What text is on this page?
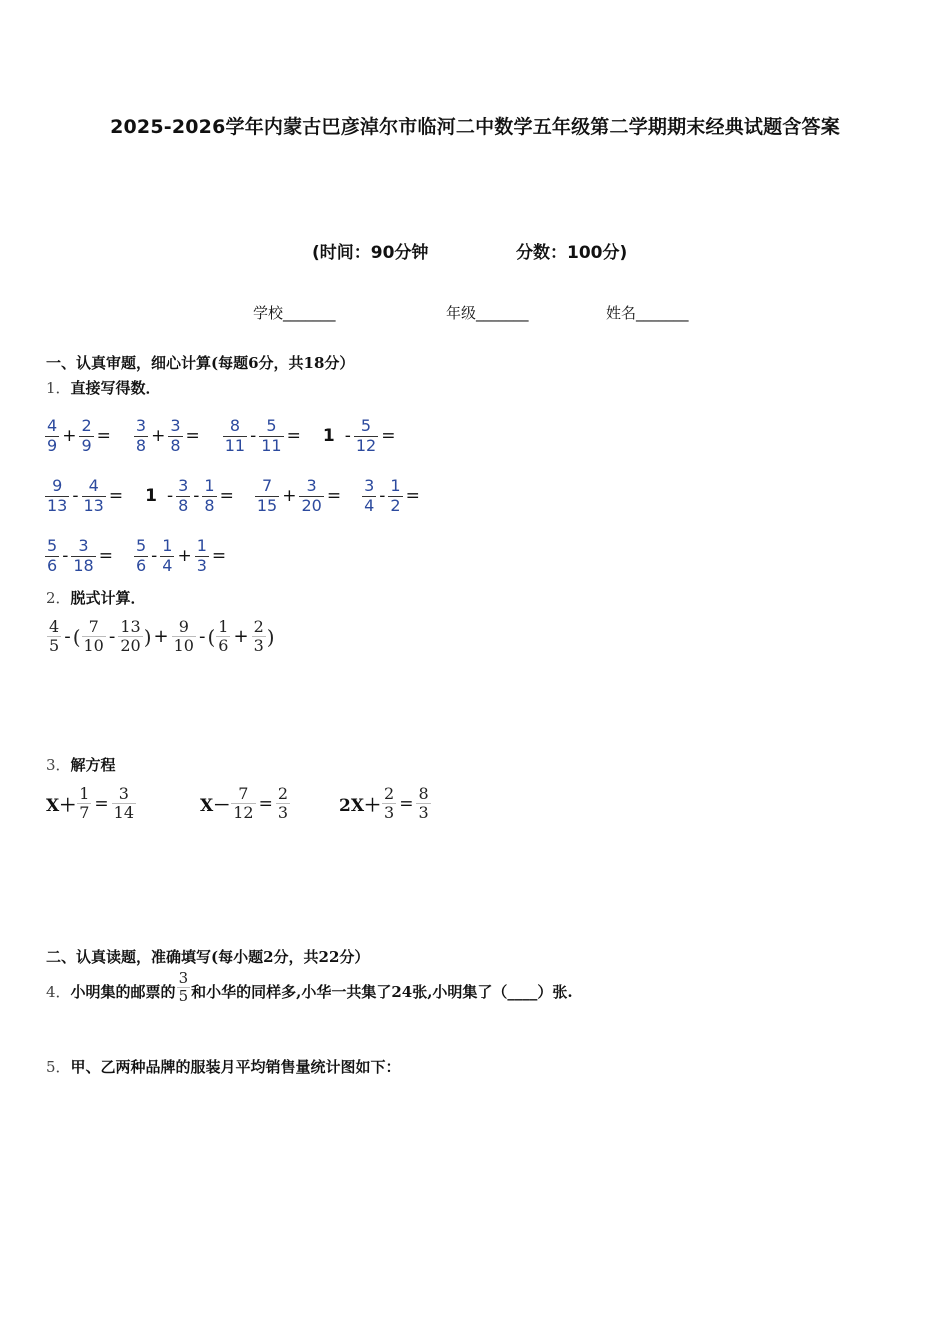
2025-2026学年内蒙古巴彦淖尔市临河二中数学五年级第二学期期末经典试题含答案
(时间：90分钟	分数：100分)
学校_______	年级_______	姓名_______
一、认真审题，细心计算(每题6分，共18分）
1．直接写得数．
$\frac{4}{9} + \frac{2}{9} = \frac{3}{8} + \frac{3}{8} = \frac{8}{11} - \frac{5}{11} = 1 - \frac{5}{12}$ =
$\frac{9}{13} - \frac{4}{13} = 1 - \frac{3}{8} - \frac{1}{8} = \frac{7}{15} + \frac{3}{20} = \frac{3}{4} - \frac{1}{2}$ =
$\frac{5}{6} - \frac{3}{18} = \frac{5}{6} - \frac{1}{4} + \frac{1}{3}$ =
2．脱式计算．
$\frac{4}{5}$ - ( $\frac{7}{10} - \frac{13}{20}$ ) + $\frac{9}{10}$ - ( $\frac{1}{6} + \frac{2}{3}$ )
3．解方程
$X+ \frac{1}{7} = \frac{3}{14}$	$X- \frac{7}{12} = \frac{2}{3}$	$2X+ \frac{2}{3} = \frac{8}{3}$
二、认真读题，准确填写(每小题2分，共22分）
4． 小明集的邮票的 $\frac{3}{5}$ 和小华的同样多,小华一共集了24张,小明集了（____）张.
5．甲、乙两种品牌的服装月平均销售量统计图如下：
